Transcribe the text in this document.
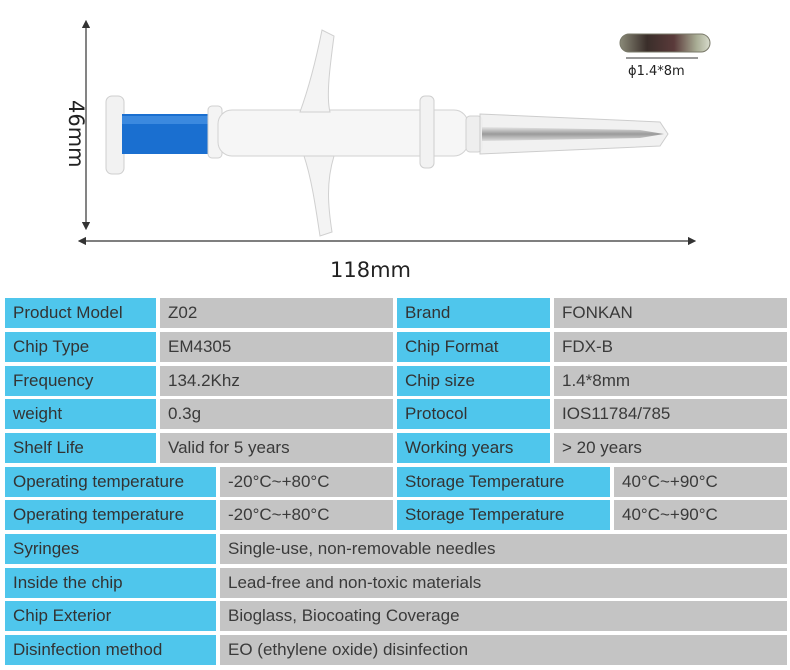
46mm
118mm
ϕ1.4*8m
Product Model	Z02	Brand	FONKAN
Chip Type	EM4305	Chip Format	FDX-B
Frequency	134.2Khz	Chip size	1.4*8mm
weight	0.3g	Protocol	IOS11784/785
Shelf Life	Valid for 5 years	Working years	> 20 years
Operating temperature	-20°C~+80°C	Storage Temperature	40°C~+90°C
Operating temperature	-20°C~+80°C	Storage Temperature	40°C~+90°C
Syringes	Single-use, non-removable needles
Inside the chip	Lead-free and non-toxic materials
Chip Exterior	Bioglass, Biocoating Coverage
Disinfection method	EO (ethylene oxide) disinfection
